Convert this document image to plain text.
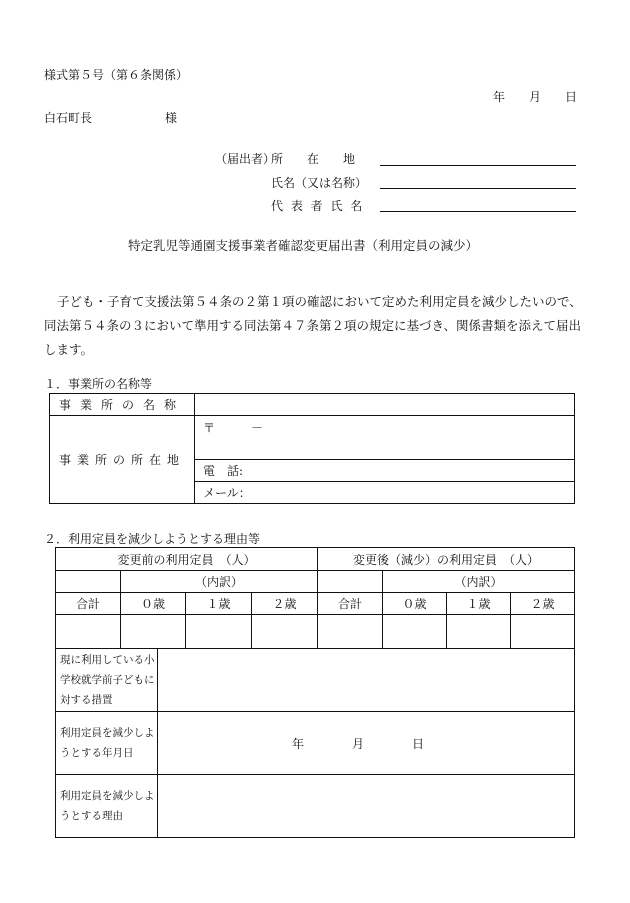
様式第５号（第６条関係）
年　　月　　日
白石町長	様
（届出者）
所　　在　　地
氏名（又は名称）
代 表 者 氏 名
特定乳児等通園支援事業者確認変更届出書（利用定員の減少）
子ども・子育て支援法第５４条の２第１項の確認において定めた利用定員を減少したいので、同法第５４条の３において準用する同法第４７条第２項の規定に基づき、関係書類を添えて届出します。
１．事業所の名称等
事業所の名称	
事業所の所在地	〒　　　－
	電　話:
	メール：
２．利用定員を減少しようとする理由等
変更前の利用定員　（人）				変更後（減少）の利用定員　（人）			
	（内訳）				（内訳）		
合計	０歳	１歳	２歳	合計	０歳	１歳	２歳

現に利用している小学校就学前子どもに対する措置	
利用定員を減少しようとする年月日	年　　　　月　　　　日

利用定員を減少しようとする理由	
